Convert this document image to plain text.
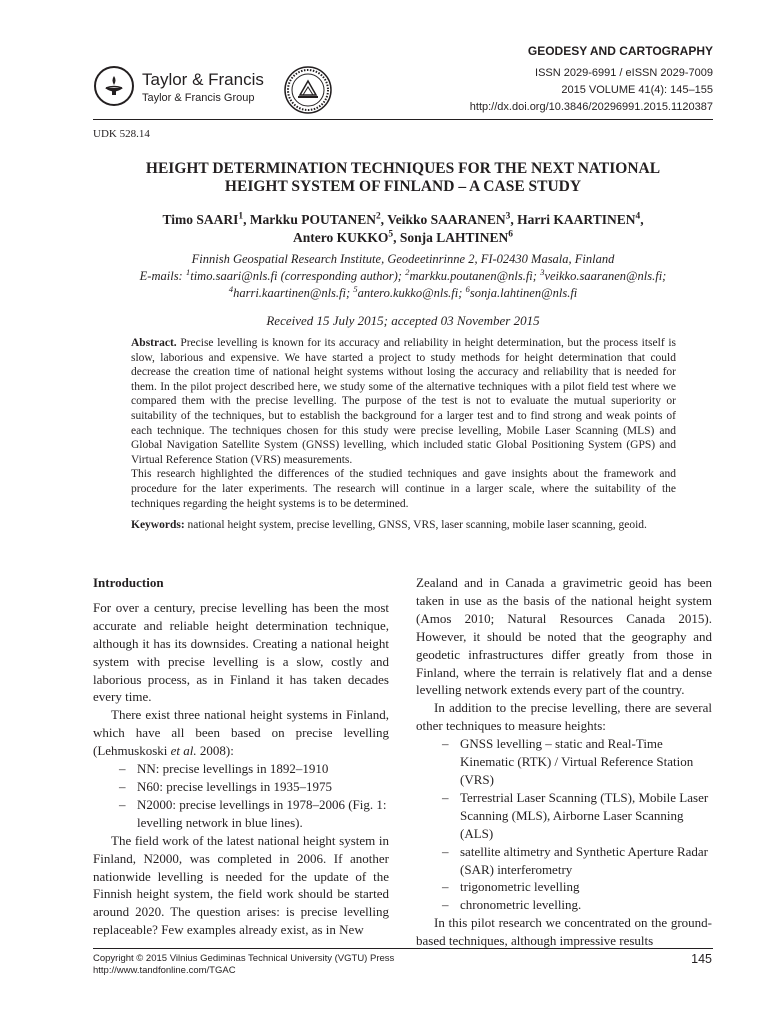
Taylor & Francis
Taylor & Francis Group
GEODESY AND CARTOGRAPHY
ISSN 2029-6991 / eISSN 2029-7009
2015 VOLUME 41(4): 145–155
http://dx.doi.org/10.3846/20296991.2015.1120387
UDK 528.14
HEIGHT DETERMINATION TECHNIQUES FOR THE NEXT NATIONAL
HEIGHT SYSTEM OF FINLAND – A CASE STUDY
Timo SAARI$^1$, Markku POUTANEN$^2$, Veikko SAARANEN$^3$, Harri KAARTINEN$^4$,
Antero KUKKO$^5$, Sonja LAHTINEN$^6$
Finnish Geospatial Research Institute, Geodeetinrinne 2, FI-02430 Masala, Finland
E-mails: $^1$timo.saari@nls.fi (corresponding author); $^2$markku.poutanen@nls.fi; $^3$veikko.saaranen@nls.fi;
$^4$harri.kaartinen@nls.fi; $^5$antero.kukko@nls.fi; $^6$sonja.lahtinen@nls.fi
Received 15 July 2015; accepted 03 November 2015

Abstract. Precise levelling is known for its accuracy and reliability in height determination, but the process itself is slow, laborious and expensive. We have started a project to study methods for height determination that could decrease the creation time of national height systems without losing the accuracy and reliability that is needed for them. In the pilot project described here, we study some of the alternative techniques with a pilot field test where we compared them with the precise levelling. The purpose of the test is not to evaluate the mutual superiority or suitability of the techniques, but to establish the background for a larger test and to find strong and weak points of each technique. The techniques chosen for this study were precise levelling, Mobile Laser Scanning (MLS) and Global Navigation Satellite System (GNSS) levelling, which included static Global Positioning System (GPS) and Virtual Reference Station (VRS) measurements.

This research highlighted the differences of the studied techniques and gave insights about the framework and procedure for the later experiments. The research will continue in a larger scale, where the suitability of the techniques regarding the height systems is to be determined.

Keywords: national height system, precise levelling, GNSS, VRS, laser scanning, mobile laser scanning, geoid.

Introduction

For over a century, precise levelling has been the most accurate and reliable height determination technique, although it has its downsides. Creating a national height system with precise levelling is a slow, costly and laborious process, as in Finland it has taken decades every time.

There exist three national height systems in Finland, which have all been based on precise levelling (Lehmuskoski et al. 2008):

– NN: precise levellings in 1892–1910
– N60: precise levellings in 1935–1975
– N2000: precise levellings in 1978–2006 (Fig. 1: levelling network in blue lines).

The field work of the latest national height system in Finland, N2000, was completed in 2006. If another nationwide levelling is needed for the update of the Finnish height system, the field work should be started around 2020. The question arises: is precise levelling replaceable? Few examples already exist, as in New

Zealand and in Canada a gravimetric geoid has been taken in use as the basis of the national height system (Amos 2010; Natural Resources Canada 2015). However, it should be noted that the geography and geodetic infrastructures differ greatly from those in Finland, where the terrain is relatively flat and a dense levelling network extends every part of the country.

In addition to the precise levelling, there are several other techniques to measure heights:

– GNSS levelling – static and Real-Time Kinematic (RTK) / Virtual Reference Station (VRS)
– Terrestrial Laser Scanning (TLS), Mobile Laser Scanning (MLS), Airborne Laser Scanning (ALS)
– satellite altimetry and Synthetic Aperture Radar (SAR) interferometry
– trigonometric levelling
– chronometric levelling.

In this pilot research we concentrated on the ground-based techniques, although impressive results

Copyright © 2015 Vilnius Gediminas Technical University (VGTU) Press
http://www.tandfonline.com/TGAC
145
